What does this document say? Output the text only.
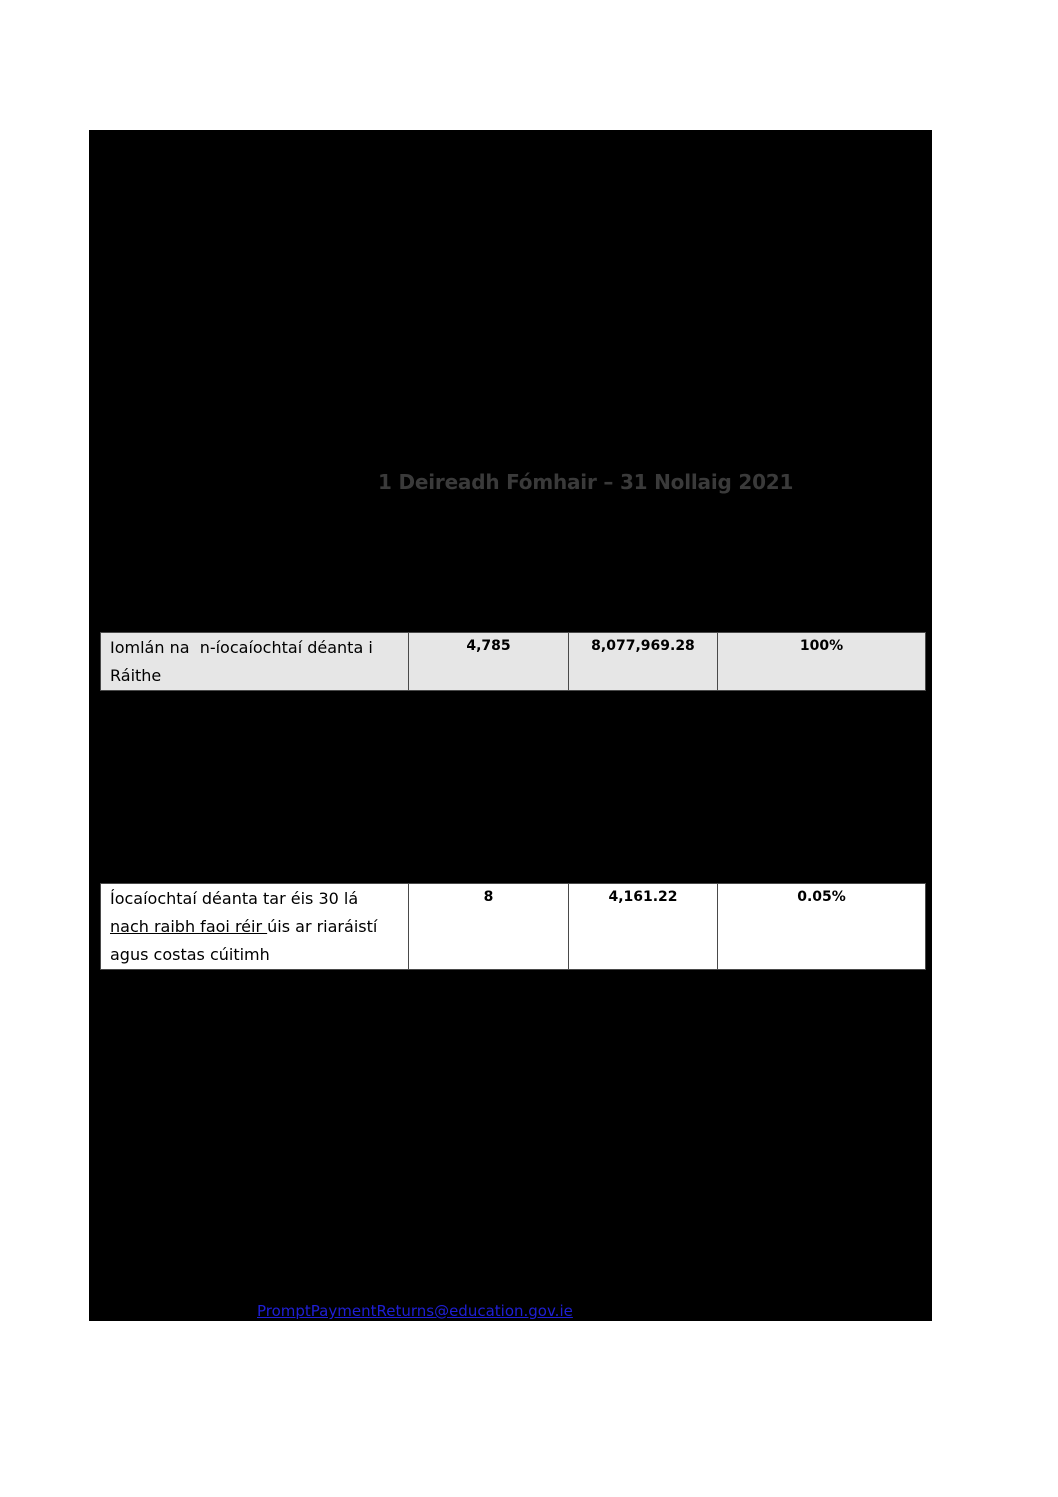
1 Deireadh Fómhair – 31 Nollaig 2021
Iomlán na  n-íocaíochtaí déanta i
Ráithe

4,785	8,077,969.28	100%
Íocaíochtaí déanta tar éis 30 lá
nach raibh faoi réir úis ar riaráistí
agus costas cúitimh

8	4,161.22	0.05%
PromptPaymentReturns@education.gov.ie
